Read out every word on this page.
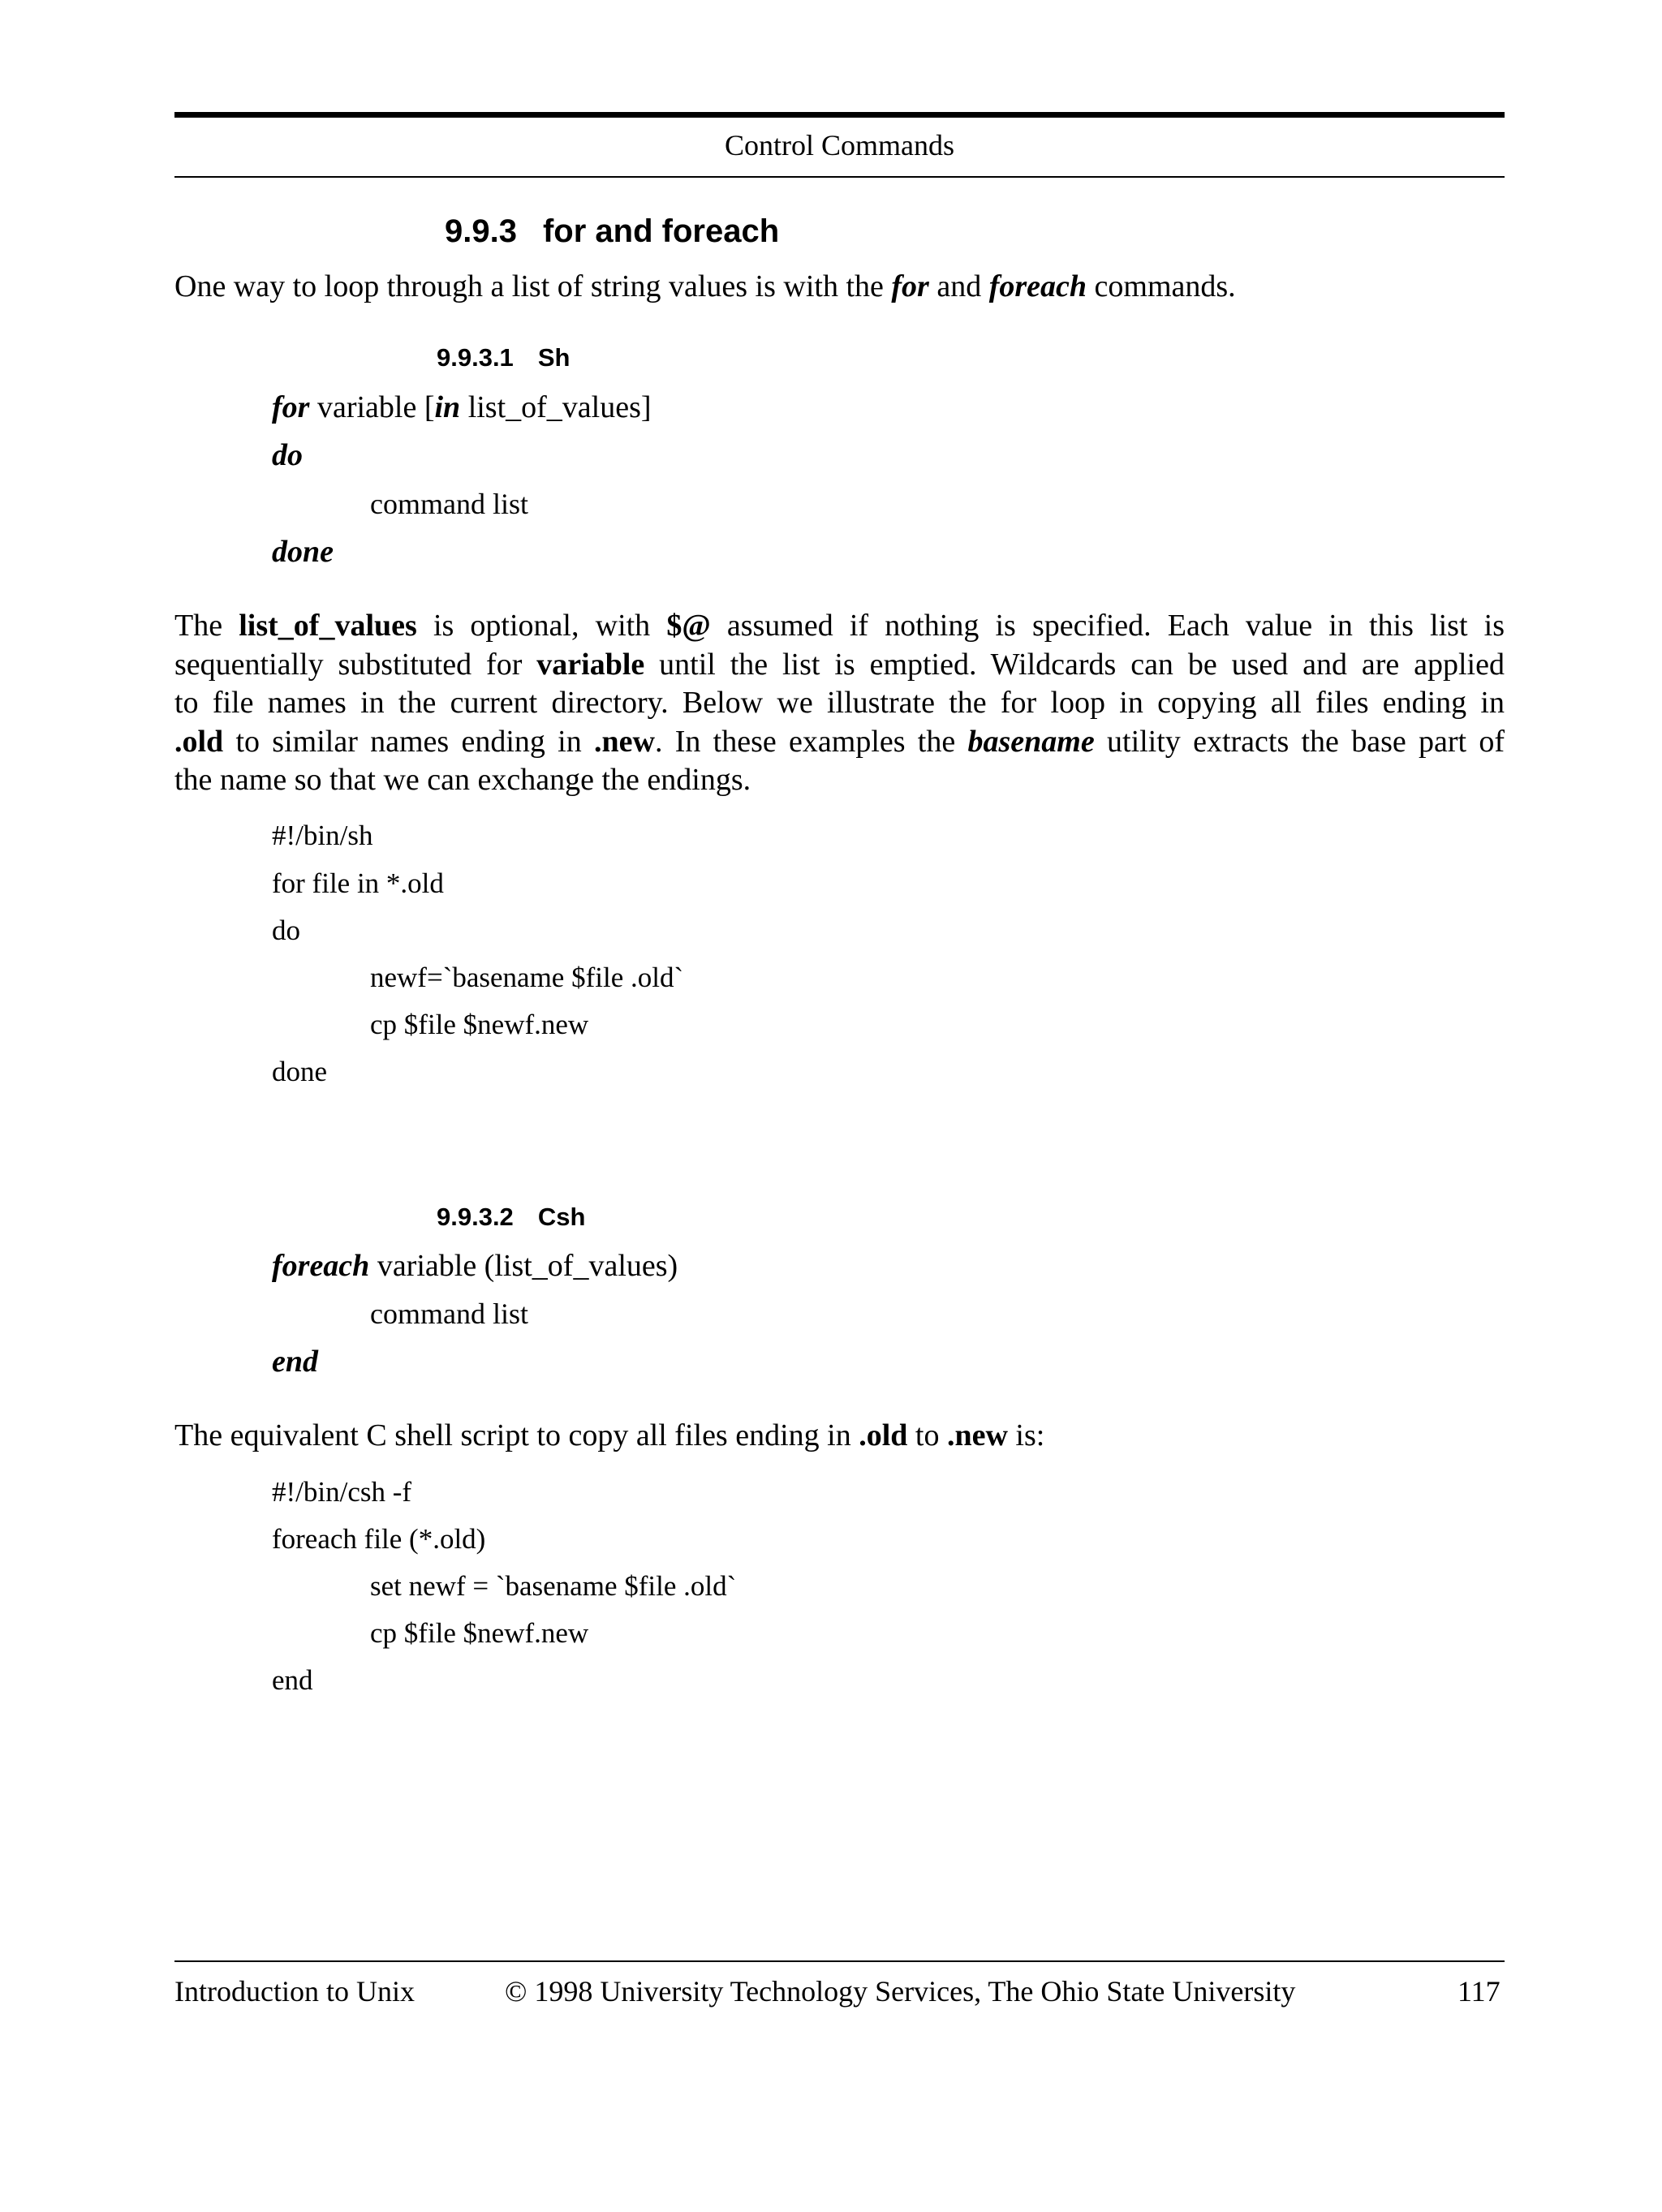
Control Commands
9.9.3 for and foreach
One way to loop through a list of string values is with the for and foreach commands.
9.9.3.1 Sh
for variable [in list_of_values]
do
command list
done
The list_of_values is optional, with $@ assumed if nothing is specified. Each value in this list is
sequentially substituted for variable until the list is emptied. Wildcards can be used and are applied
to file names in the current directory. Below we illustrate the for loop in copying all files ending in
.old to similar names ending in .new. In these examples the basename utility extracts the base part of
the name so that we can exchange the endings.
#!/bin/sh
for file in *.old
do
newf=`basename $file .old`
cp $file $newf.new
done
9.9.3.2 Csh
foreach variable (list_of_values)
command list
end
The equivalent C shell script to copy all files ending in .old to .new is:
#!/bin/csh -f
foreach file (*.old)
set newf = `basename $file .old`
cp $file $newf.new
end
Introduction to Unix	© 1998 University Technology Services, The Ohio State University	117
